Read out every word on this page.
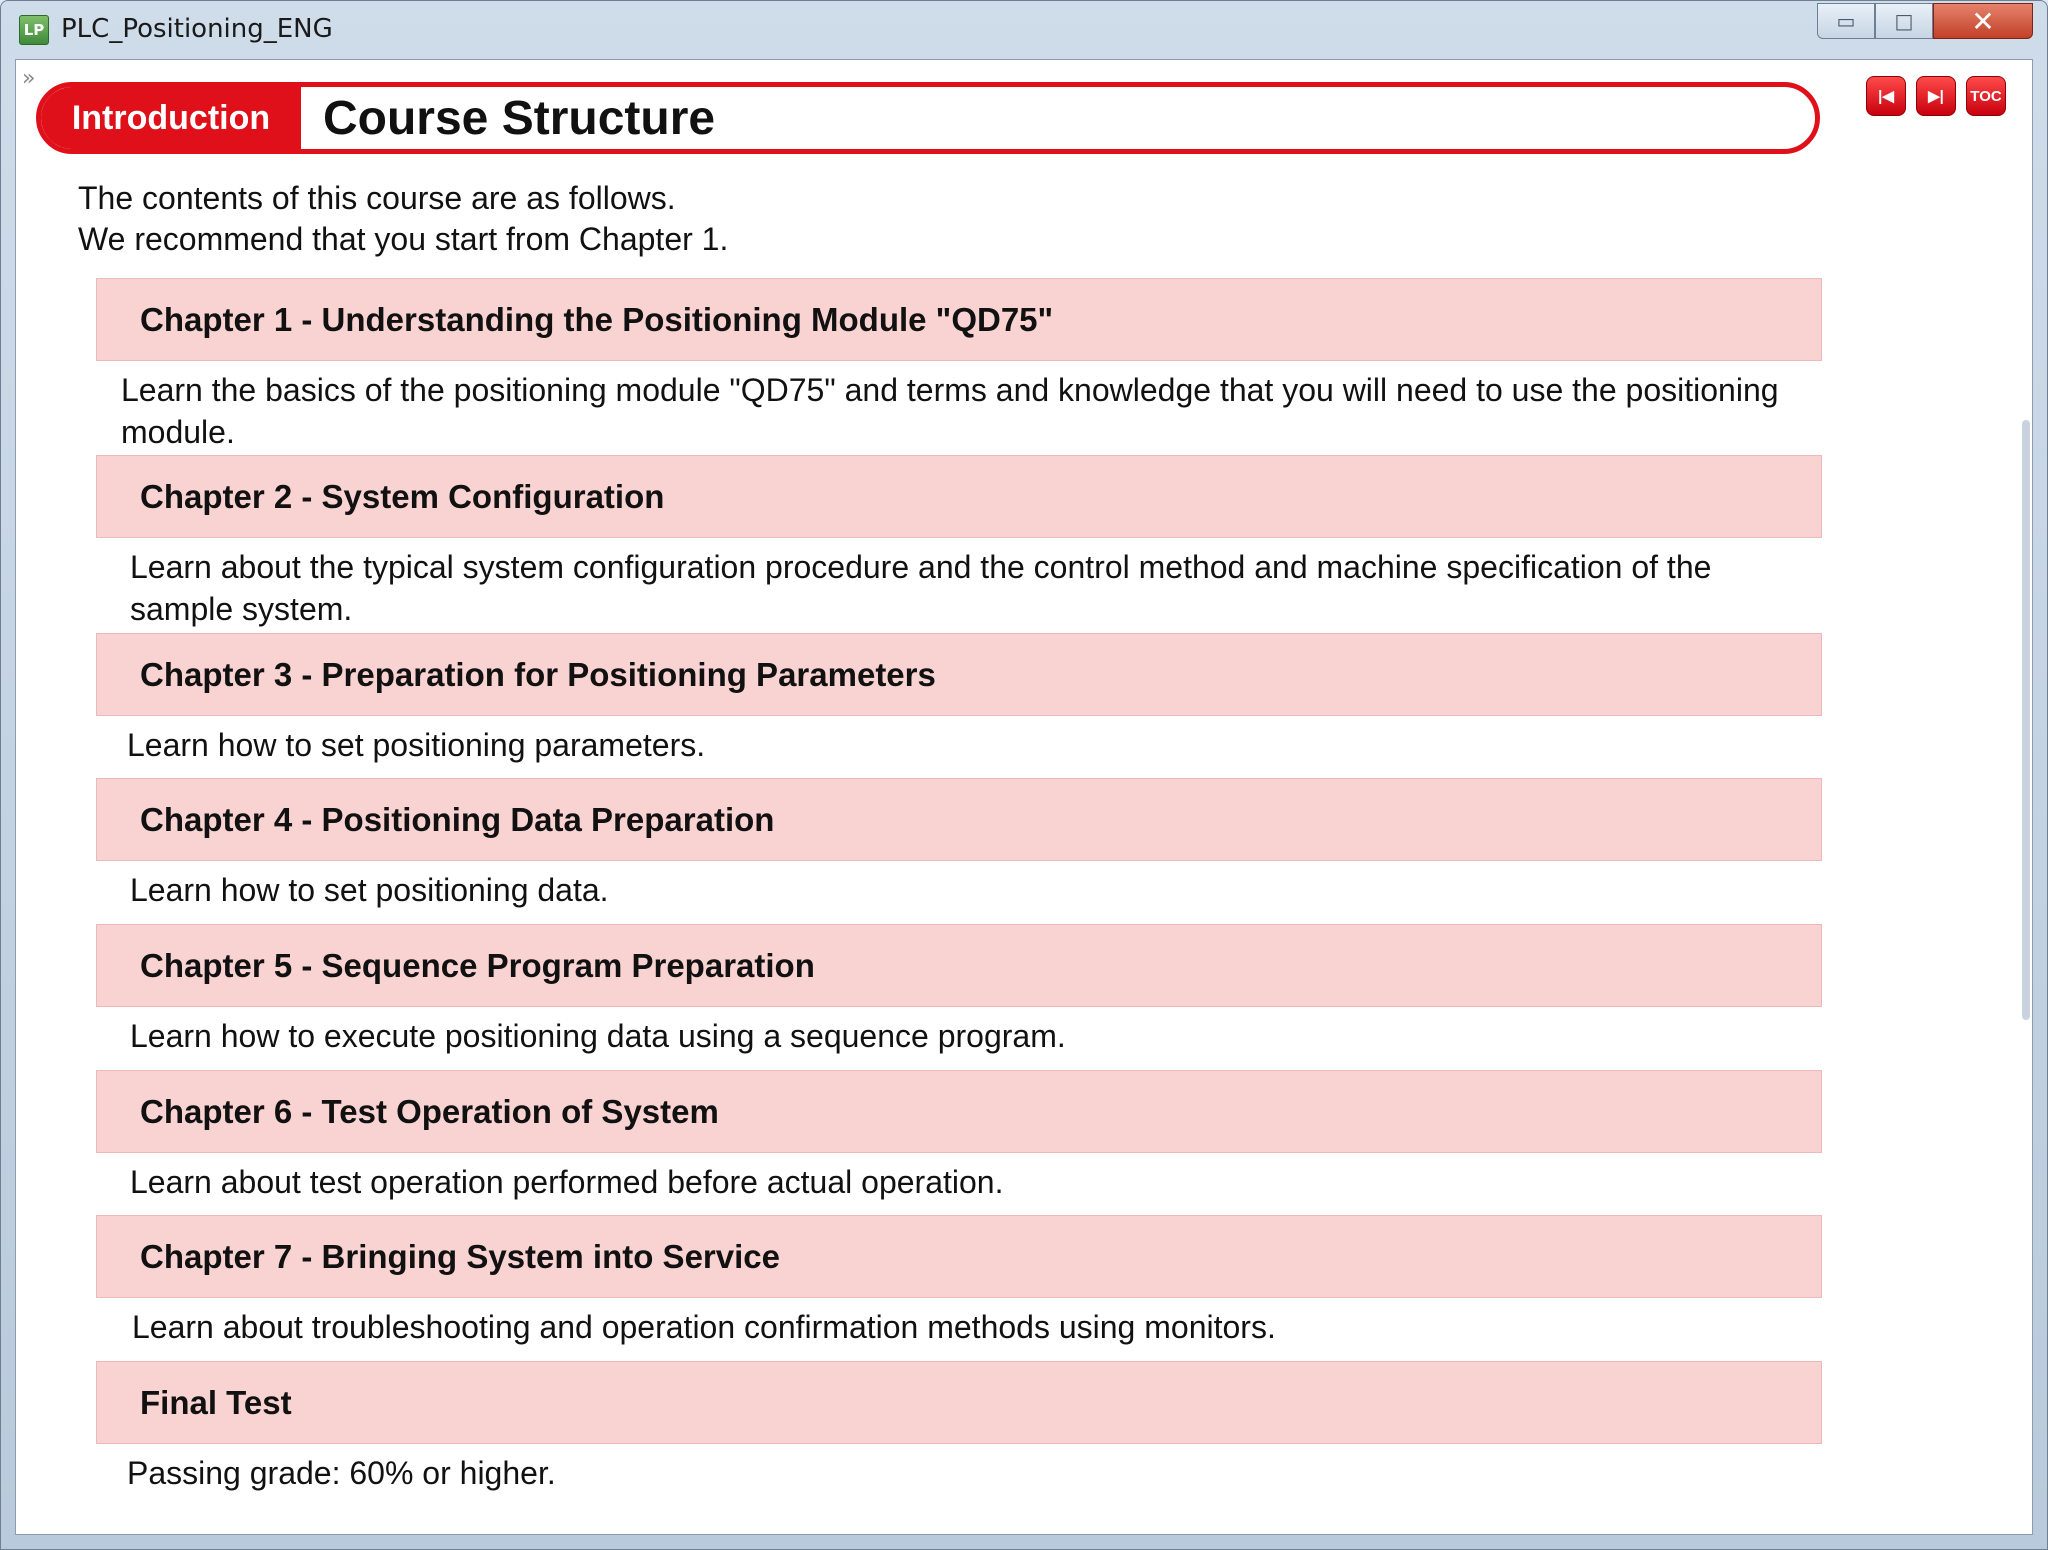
LP PLC_Positioning_ENG	▭	□	✕
»
Introduction	Course Structure	|◀	▶|	TOC
The contents of this course are as follows.
We recommend that you start from Chapter 1.
Chapter 1 - Understanding the Positioning Module "QD75"
Learn the basics of the positioning module "QD75" and terms and knowledge that you will need to use the positioning module.
Chapter 2 - System Configuration
Learn about the typical system configuration procedure and the control method and machine specification of the sample system.
Chapter 3 - Preparation for Positioning Parameters
Learn how to set positioning parameters.
Chapter 4 - Positioning Data Preparation
Learn how to set positioning data.
Chapter 5 - Sequence Program Preparation
Learn how to execute positioning data using a sequence program.
Chapter 6 - Test Operation of System
Learn about test operation performed before actual operation.
Chapter 7 - Bringing System into Service
Learn about troubleshooting and operation confirmation methods using monitors.
Final Test
Passing grade: 60% or higher.
